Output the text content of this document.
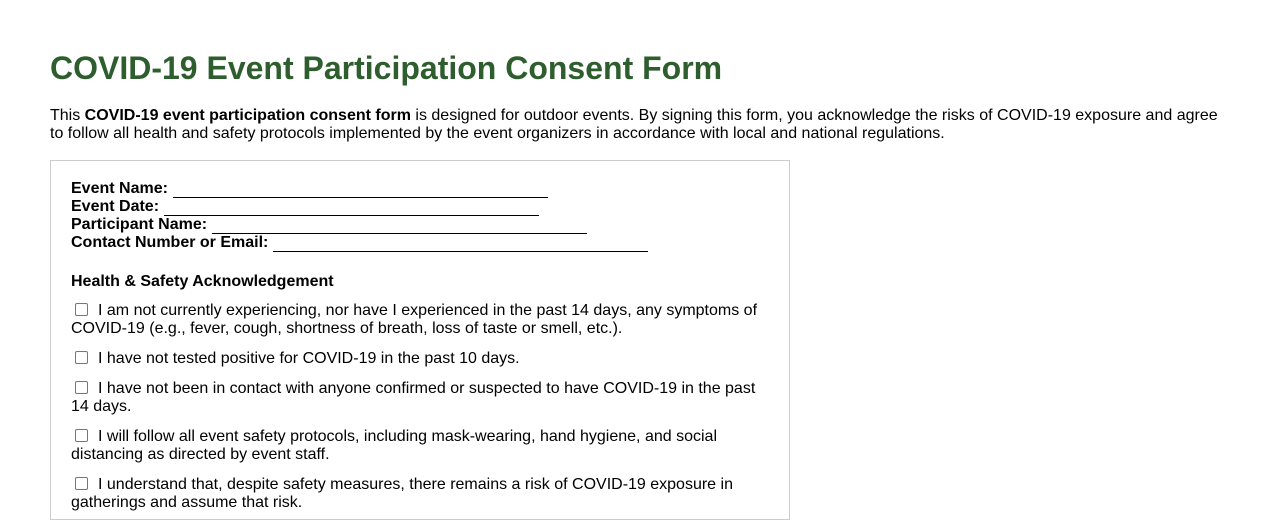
COVID-19 Event Participation Consent Form

This COVID-19 event participation consent form is designed for outdoor events. By signing this form, you acknowledge the risks of COVID-19 exposure and agree to follow all health and safety protocols implemented by the event organizers in accordance with local and national regulations.

Event Name:
Event Date:
Participant Name:
Contact Number or Email:
Health & Safety Acknowledgement
I am not currently experiencing, nor have I experienced in the past 14 days, any symptoms of COVID-19 (e.g., fever, cough, shortness of breath, loss of taste or smell, etc.).
I have not tested positive for COVID-19 in the past 10 days.
I have not been in contact with anyone confirmed or suspected to have COVID-19 in the past 14 days.
I will follow all event safety protocols, including mask-wearing, hand hygiene, and social distancing as directed by event staff.
I understand that, despite safety measures, there remains a risk of COVID-19 exposure in gatherings and assume that risk.
